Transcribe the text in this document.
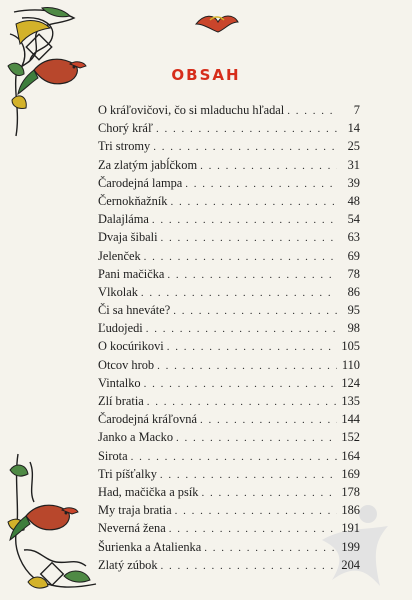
OBSAH
O kráľovičovi, čo si mladuchu hľadal . . .	7
Chorý kráľ . . .	14
Tri stromy . . .	25
Za zlatým jabĺčkom . . .	31
Čarodejná lampa . . .	39
Černokňažník . . .	48
Dalajláma . . .	54
Dvaja šibali . . .	63
Jelenček . . .	69
Pani mačička . . .	78
Vlkolak . . .	86
Či sa hneváte? . . .	95
Ľudojedi . . .	98
O kocúrikovi . . .	105
Otcov hrob . . .	110
Vintalko . . .	124
Zlí bratia . . .	135
Čarodejná kráľovná . . .	144
Janko a Macko . . .	152
Sirota . . .	164
Tri píšťalky . . .	169
Had, mačička a psík . . .	178
My traja bratia . . .	186
Neverná žena . . .	191
Šurienka a Atalienka . . .	199
Zlatý zúbok . . .	204
